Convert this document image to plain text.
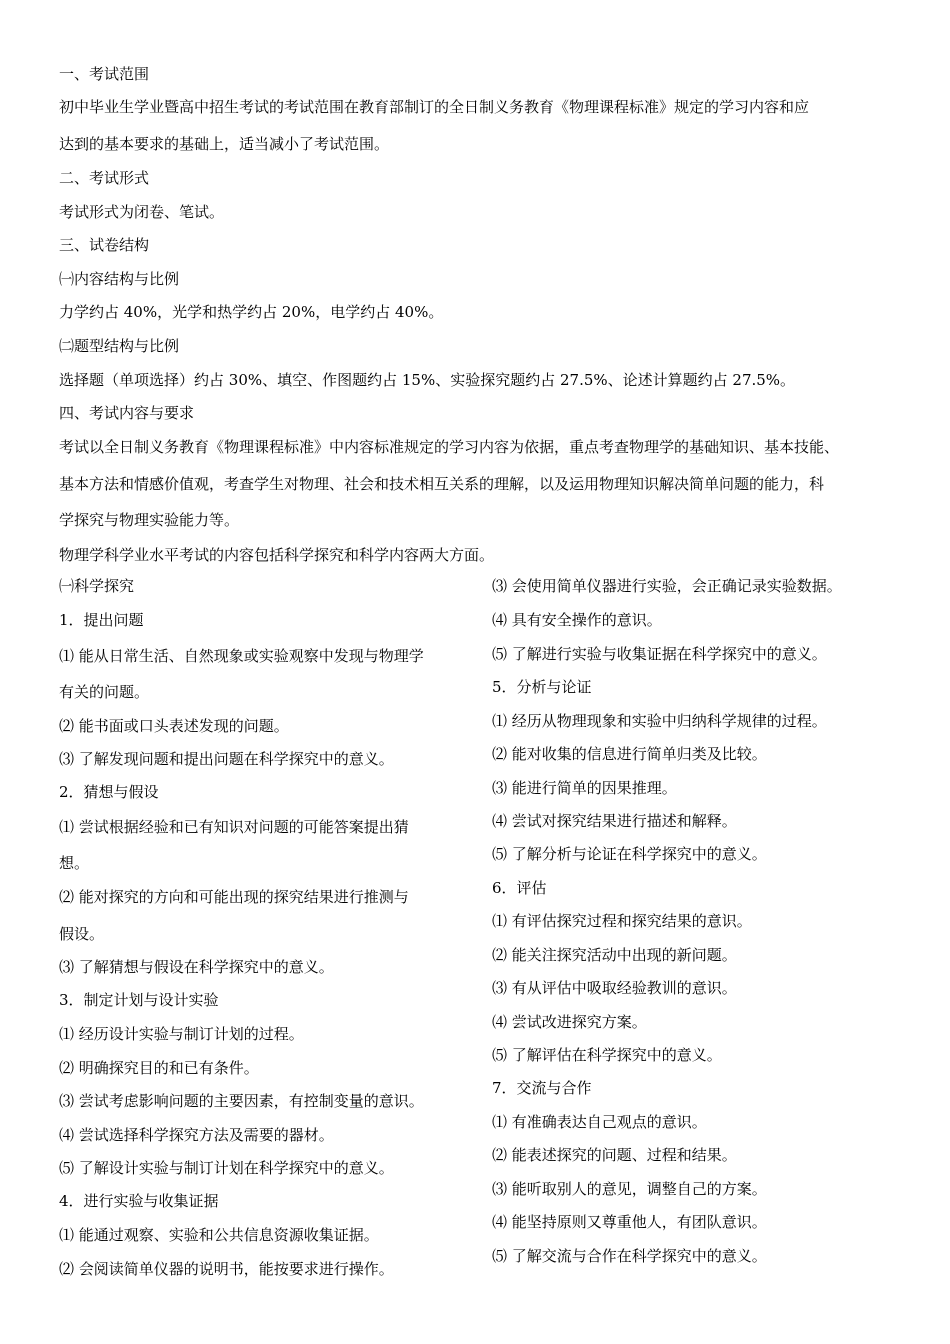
一、考试范围
初中毕业生学业暨高中招生考试的考试范围在教育部制订的全日制义务教育《物理课程标准》规定的学习内容和应
达到的基本要求的基础上，适当减小了考试范围。
二、考试形式
考试形式为闭卷、笔试。
三、试卷结构
㈠内容结构与比例
力学约占 40%，光学和热学约占 20%，电学约占 40%。
㈡题型结构与比例
选择题（单项选择）约占 30%、填空、作图题约占 15%、实验探究题约占 27.5%、论述计算题约占 27.5%。
四、考试内容与要求
考试以全日制义务教育《物理课程标准》中内容标准规定的学习内容为依据，重点考查物理学的基础知识、基本技能、
基本方法和情感价值观，考查学生对物理、社会和技术相互关系的理解，以及运用物理知识解决简单问题的能力，科
学探究与物理实验能力等。
物理学科学业水平考试的内容包括科学探究和科学内容两大方面。
㈠科学探究
1．提出问题
⑴ 能从日常生活、自然现象或实验观察中发现与物理学
有关的问题。
⑵ 能书面或口头表述发现的问题。
⑶ 了解发现问题和提出问题在科学探究中的意义。
2．猜想与假设
⑴ 尝试根据经验和已有知识对问题的可能答案提出猜
想。
⑵ 能对探究的方向和可能出现的探究结果进行推测与
假设。
⑶ 了解猜想与假设在科学探究中的意义。
3．制定计划与设计实验
⑴ 经历设计实验与制订计划的过程。
⑵ 明确探究目的和已有条件。
⑶ 尝试考虑影响问题的主要因素，有控制变量的意识。
⑷ 尝试选择科学探究方法及需要的器材。
⑸ 了解设计实验与制订计划在科学探究中的意义。
4．进行实验与收集证据
⑴ 能通过观察、实验和公共信息资源收集证据。
⑵ 会阅读简单仪器的说明书，能按要求进行操作。
⑶ 会使用简单仪器进行实验，会正确记录实验数据。
⑷ 具有安全操作的意识。
⑸ 了解进行实验与收集证据在科学探究中的意义。
5．分析与论证
⑴ 经历从物理现象和实验中归纳科学规律的过程。
⑵ 能对收集的信息进行简单归类及比较。
⑶ 能进行简单的因果推理。
⑷ 尝试对探究结果进行描述和解释。
⑸ 了解分析与论证在科学探究中的意义。
6．评估
⑴ 有评估探究过程和探究结果的意识。
⑵ 能关注探究活动中出现的新问题。
⑶ 有从评估中吸取经验教训的意识。
⑷ 尝试改进探究方案。
⑸ 了解评估在科学探究中的意义。
7．交流与合作
⑴ 有准确表达自己观点的意识。
⑵ 能表述探究的问题、过程和结果。
⑶ 能听取别人的意见，调整自己的方案。
⑷ 能坚持原则又尊重他人，有团队意识。
⑸ 了解交流与合作在科学探究中的意义。
